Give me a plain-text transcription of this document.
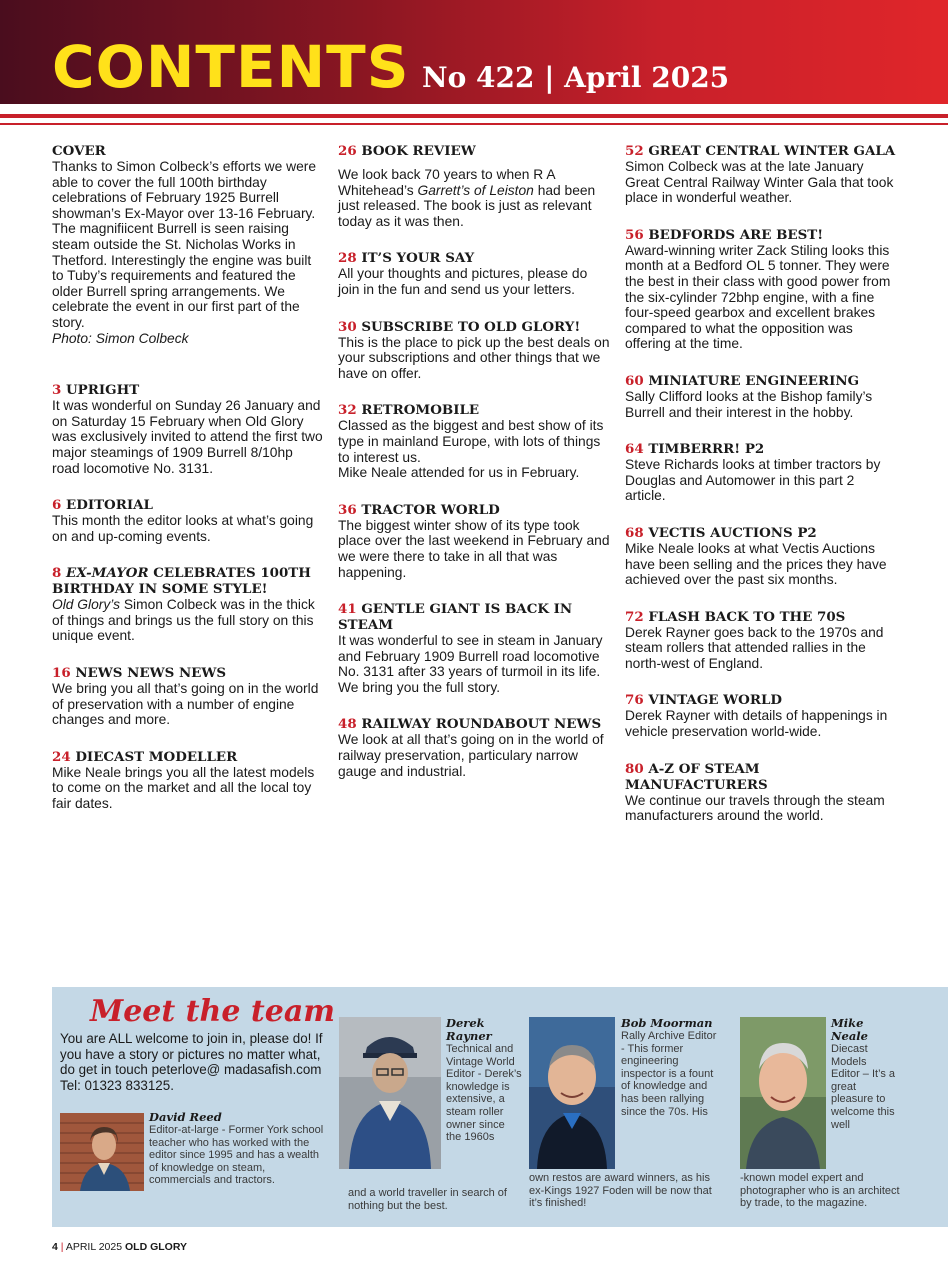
CONTENTS No 422 | April 2025
COVER

Thanks to Simon Colbeck’s efforts we were able to cover the full 100th birthday celebrations of February 1925 Burrell showman’s Ex-Mayor over 13-16 February. The magnifiicent Burrell is seen raising steam outside the St. Nicholas Works in Thetford. Interestingly the engine was built to Tuby’s requirements and featured the older Burrell spring arrangements. We celebrate the event in our first part of the story.

Photo: Simon Colbeck

3 UPRIGHT

It was wonderful on Sunday 26 January and on Saturday 15 February when Old Glory was exclusively invited to attend the first two major steamings of 1909 Burrell 8/10hp road locomotive No. 3131.

6 EDITORIAL

This month the editor looks at what’s going on and up-coming events.

8 EX-MAYOR CELEBRATES 100TH BIRTHDAY IN SOME STYLE!

Old Glory’s Simon Colbeck was in the thick of things and brings us the full story on this unique event.

16 NEWS NEWS NEWS

We bring you all that’s going on in the world of preservation with a number of engine changes and more.

24 DIECAST MODELLER

Mike Neale brings you all the latest models to come on the market and all the local toy fair dates.

26 BOOK REVIEW

We look back 70 years to when R A Whitehead’s Garrett’s of Leiston had been just released. The book is just as relevant today as it was then.

28 IT’S YOUR SAY

All your thoughts and pictures, please do join in the fun and send us your letters.

30 SUBSCRIBE TO OLD GLORY!

This is the place to pick up the best deals on your subscriptions and other things that we have on offer.

32 RETROMOBILE

Classed as the biggest and best show of its type in mainland Europe, with lots of things to interest us.

Mike Neale attended for us in February.

36 TRACTOR WORLD

The biggest winter show of its type took place over the last weekend in February and we were there to take in all that was happening.

41 GENTLE GIANT IS BACK IN STEAM

It was wonderful to see in steam in January and February 1909 Burrell road locomotive No. 3131 after 33 years of turmoil in its life. We bring you the full story.

48 RAILWAY ROUNDABOUT NEWS

We look at all that’s going on in the world of railway preservation, particulary narrow gauge and industrial.

52 GREAT CENTRAL WINTER GALA

Simon Colbeck was at the late January Great Central Railway Winter Gala that took place in wonderful weather.

56 BEDFORDS ARE BEST!

Award-winning writer Zack Stiling looks this month at a Bedford OL 5 tonner. They were the best in their class with good power from the six-cylinder 72bhp engine, with a fine four-speed gearbox and excellent brakes compared to what the opposition was offering at the time.

60 MINIATURE ENGINEERING

Sally Clifford looks at the Bishop family’s Burrell and their interest in the hobby.

64 TIMBERRR! P2

Steve Richards looks at timber tractors by Douglas and Automower in this part 2 article.

68 VECTIS AUCTIONS P2

Mike Neale looks at what Vectis Auctions have been selling and the prices they have achieved over the past six months.

72 FLASH BACK TO THE 70S

Derek Rayner goes back to the 1970s and steam rollers that attended rallies in the north-west of England.

76 VINTAGE WORLD

Derek Rayner with details of happenings in vehicle preservation world-wide.

80 A-Z OF STEAM MANUFACTURERS

We continue our travels through the steam manufacturers around the world.

Meet the team
You are ALL welcome to join in, please do! If you have a story or pictures no matter what, do get in touch peterlove@ madasafish.com Tel: 01323 833125.
David Reed
Editor-at-large - Former York school teacher who has worked with the editor since 1995 and has a wealth of knowledge on steam, commercials and tractors.
Derek Rayner
Technical and Vintage World Editor - Derek’s knowledge is extensive, a steam roller owner since the 1960s
and a world traveller in search of nothing but the best.
Bob Moorman
Rally Archive Editor - This former engineering inspector is a fount of knowledge and has been rallying since the 70s. His
own restos are award winners, as his ex-Kings 1927 Foden will be now that it’s finished!
Mike Neale
Diecast Models Editor – It’s a great pleasure to welcome this well
-known model expert and photographer who is an architect by trade, to the magazine.
4 | APRIL 2025 OLD GLORY
